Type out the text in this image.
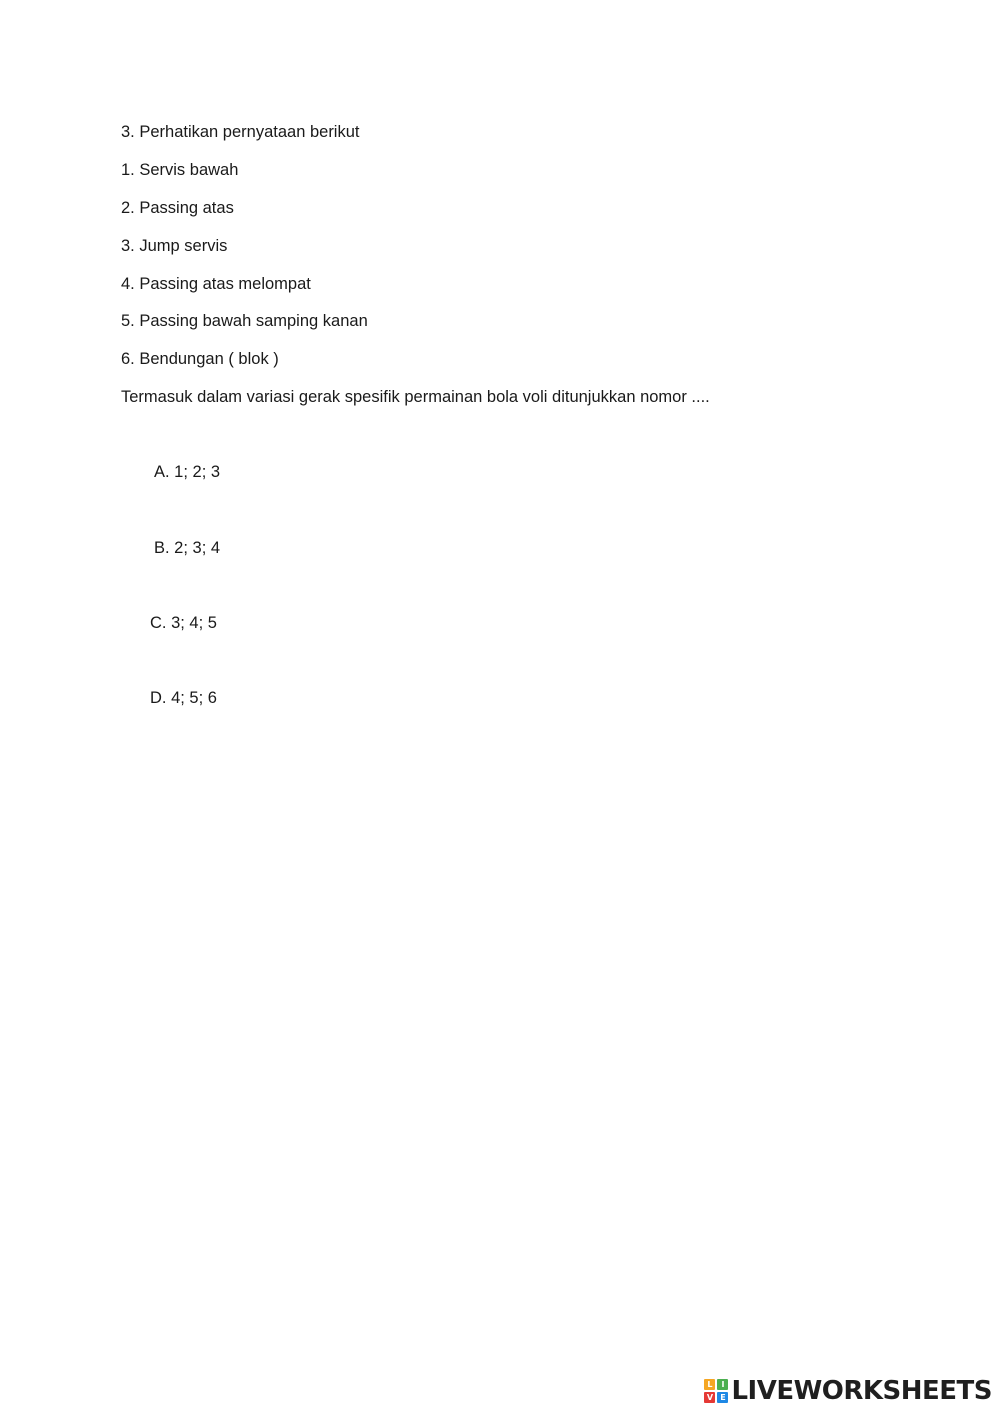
3. Perhatikan pernyataan berikut
1. Servis bawah
2. Passing atas
3. Jump servis
4. Passing atas melompat
5. Passing bawah samping kanan
6. Bendungan ( blok )
Termasuk dalam variasi gerak spesifik permainan bola voli ditunjukkan nomor ....
A. 1; 2; 3
B. 2; 3; 4
C. 3; 4; 5
D. 4; 5; 6
L	I
V E LIVEWORKSHEETS
